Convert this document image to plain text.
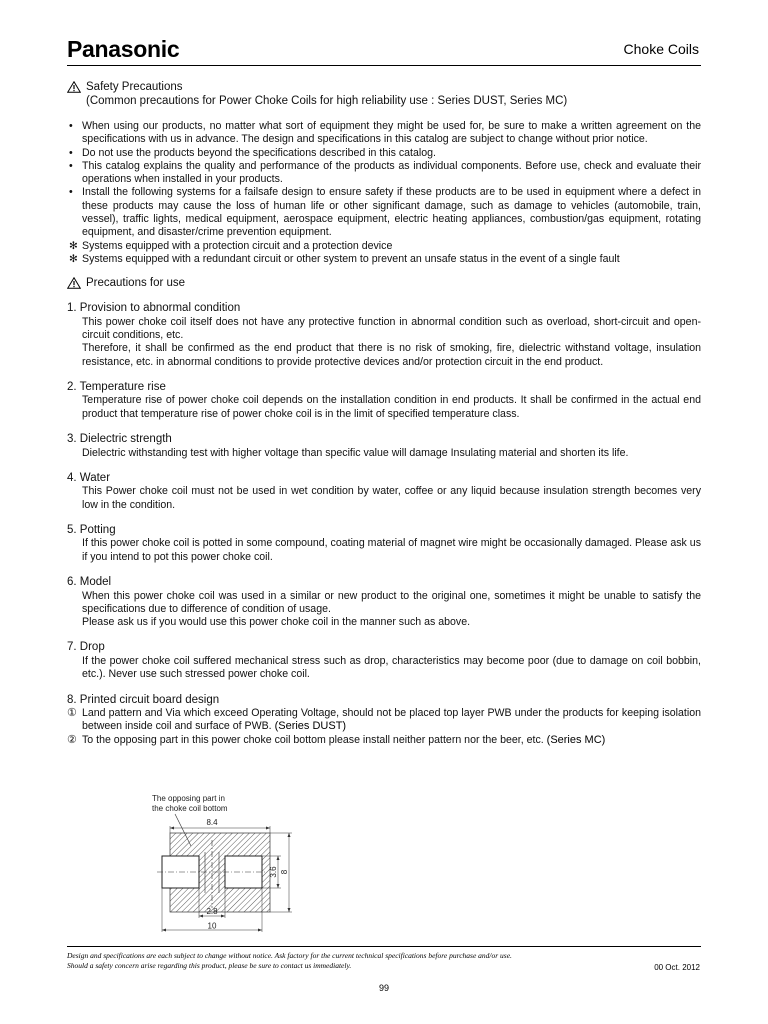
Panasonic	Choke Coils
Safety Precautions
(Common precautions for Power Choke Coils for high reliability use : Series DUST, Series MC)
• When using our products, no matter what sort of equipment they might be used for, be sure to make a written agreement on the specifications with us in advance. The design and specifications in this catalog are subject to change without prior notice.
• Do not use the products beyond the specifications described in this catalog.
• This catalog explains the quality and performance of the products as individual components. Before use, check and evaluate their operations when installed in your products.
• Install the following systems for a failsafe design to ensure safety if these products are to be used in equipment where a defect in these products may cause the loss of human life or other significant damage, such as damage to vehicles (automobile, train, vessel), traffic lights, medical equipment, aerospace equipment, electric heating appliances, combustion/gas equipment, rotating equipment, and disaster/crime prevention equipment.
✻ Systems equipped with a protection circuit and a protection device
✻ Systems equipped with a redundant circuit or other system to prevent an unsafe status in the event of a single fault
Precautions for use
1. Provision to abnormal condition

This power choke coil itself does not have any protective function in abnormal condition such as overload, short-circuit and open-circuit conditions, etc.

Therefore, it shall be confirmed as the end product that there is no risk of smoking, fire, dielectric withstand voltage, insulation resistance, etc. in abnormal conditions to provide protective devices and/or protection circuit in the end product.

2. Temperature rise

Temperature rise of power choke coil depends on the installation condition in end products. It shall be confirmed in the actual end product that temperature rise of power choke coil is in the limit of specified temperature class.

3. Dielectric strength

Dielectric withstanding test with higher voltage than specific value will damage Insulating material and shorten its life.

4. Water

This Power choke coil must not be used in wet condition by water, coffee or any liquid because insulation strength becomes very low in the condition.

5. Potting

If this power choke coil is potted in some compound, coating material of magnet wire might be occasionally damaged. Please ask us if you intend to pot this power choke coil.

6. Model

When this power choke coil was used in a similar or new product to the original one, sometimes it might be unable to satisfy the specifications due to difference of condition of usage.

Please ask us if you would use this power choke coil in the manner such as above.

7. Drop

If the power choke coil suffered mechanical stress such as drop, characteristics may become poor (due to damage on coil bobbin, etc.). Never use such stressed power choke coil.

8. Printed circuit board design
① Land pattern and Via which exceed Operating Voltage, should not be placed top layer PWB under the products for keeping isolation between inside coil and surface of PWB. (Series DUST)
② To the opposing part in this power choke coil bottom please install neither pattern nor the beer, etc. (Series MC)
The opposing part in
the choke coil bottom
8.4
3.6 8
2.8
10
Design and specifications are each subject to change without notice. Ask factory for the current technical specifications before purchase and/or use.
Should a safety concern arise regarding this product, please be sure to contact us immediately.	00 Oct. 2012
99
